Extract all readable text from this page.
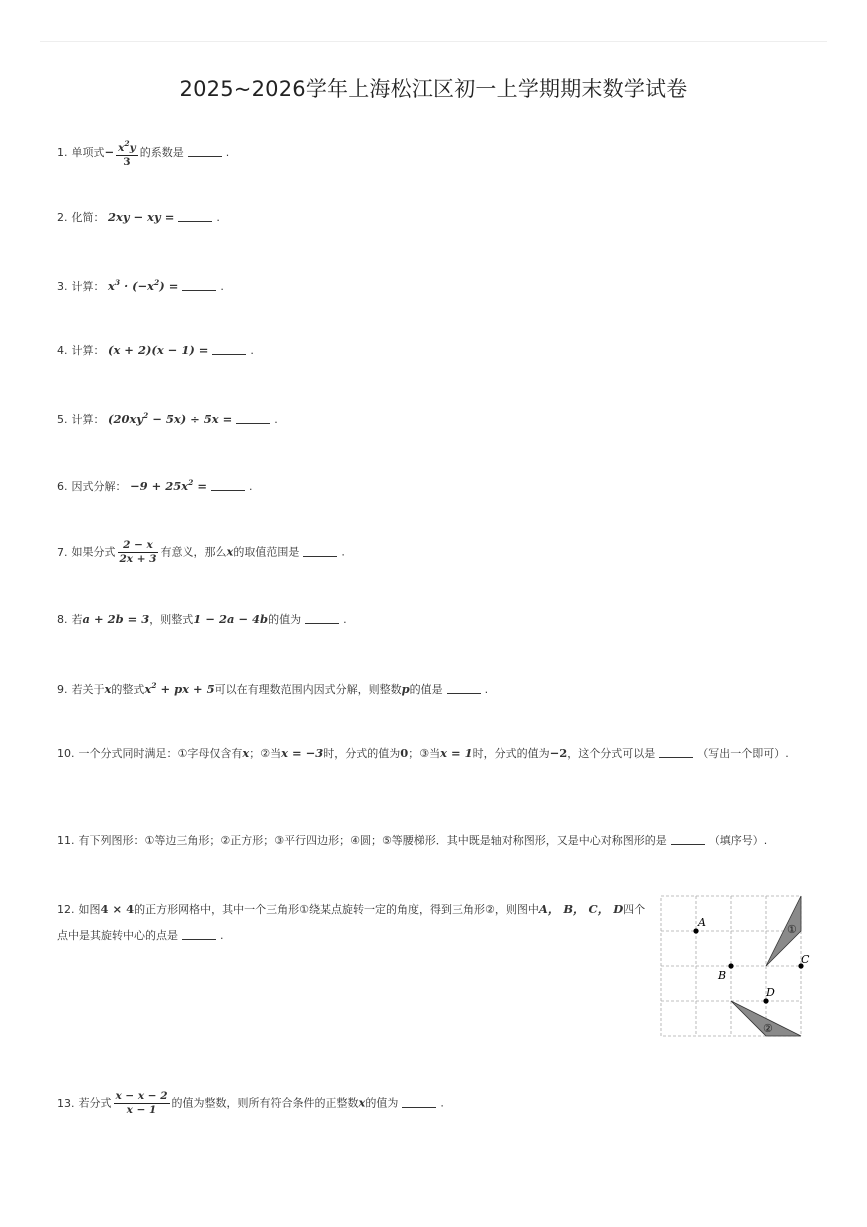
2025~2026学年上海松江区初一上学期期末数学试卷
1. 单项式− $\frac{x^2y}{3}$ 的系数是	.
2. 化简： 2xy − xy =	.
3. 计算： $x^3 \cdot (-x^2)$ =	.
4. 计算： (x + 2)(x − 1) =	.
5. 计算： $(20xy^2 - 5x) \div 5x$ =	.
6. 因式分解： $-9 + 25x^2$ =	.
7. 如果分式 $\frac{2 - x}{2x + 3}$ 有意义，那么x的取值范围是	.
8. 若a + 2b = 3，则整式1 − 2a − 4b的值为	.
9. 若关于x的整式$x^2$ + px + 5可以在有理数范围内因式分解，则整数p的值是	.
10. 一个分式同时满足：①字母仅含有x；②当x = −3时，分式的值为0；③当x = 1时，分式的值为−2，这个分式可以是	（写出一个即可）.
11. 有下列图形：①等边三角形；②正方形；③平行四边形；④圆；⑤等腰梯形．其中既是轴对称图形，又是中心对称图形的是	（填序号）.
12. 如图4 × 4的正方形网格中，其中一个三角形①绕某点旋转一定的角度，得到三角形②，则图中A， B， C， D四个点中是其旋转中心的点是	.	①
②
A
B
C
D
13. 若分式 $\frac{x - x - 2}{x - 1}$ 的值为整数，则所有符合条件的正整数x的值为	.
